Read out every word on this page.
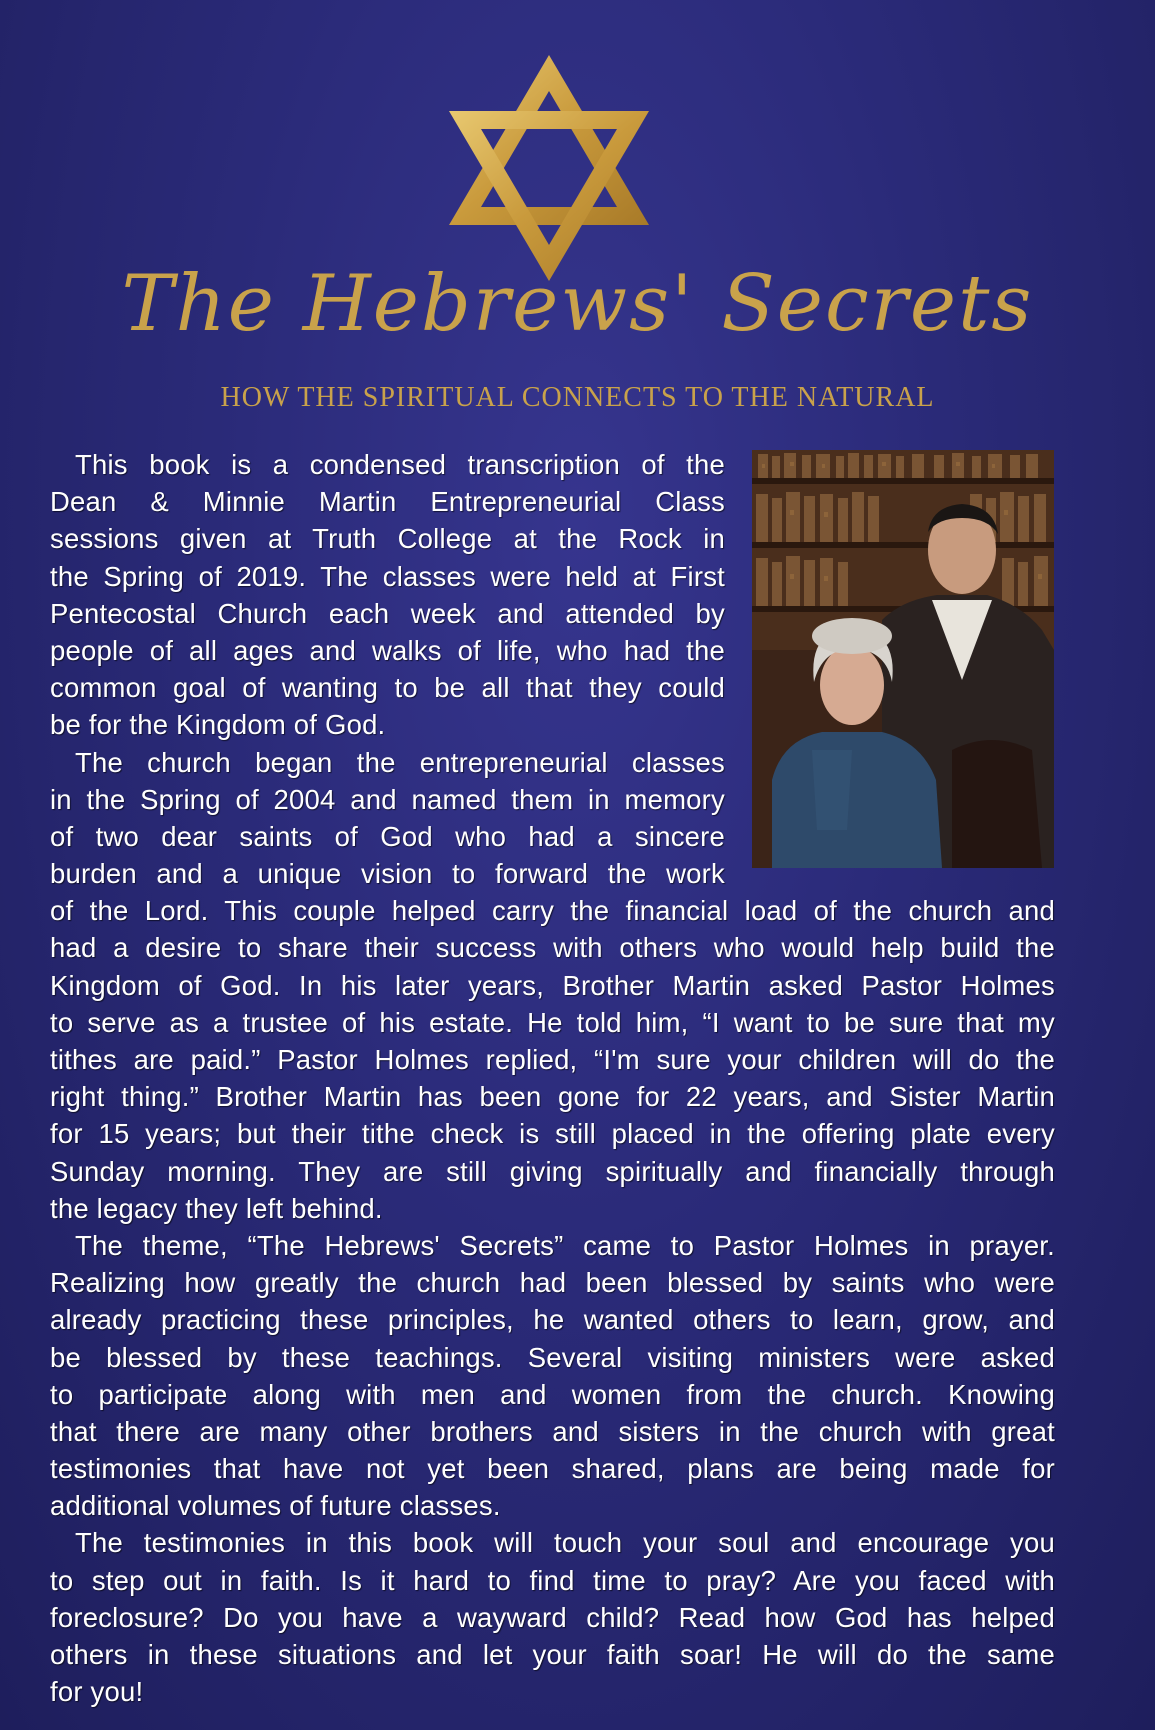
The Hebrews' Secrets
HOW THE SPIRITUAL CONNECTS TO THE NATURAL
This book is a condensed transcription of the
Dean & Minnie Martin Entrepreneurial Class
sessions given at Truth College at the Rock in
the Spring of 2019. The classes were held at First
Pentecostal Church each week and attended by
people of all ages and walks of life, who had the
common goal of wanting to be all that they could
be for the Kingdom of God.
The church began the entrepreneurial classes
in the Spring of 2004 and named them in memory
of two dear saints of God who had a sincere
burden and a unique vision to forward the work
of the Lord. This couple helped carry the financial load of the church and
had a desire to share their success with others who would help build the
Kingdom of God. In his later years, Brother Martin asked Pastor Holmes
to serve as a trustee of his estate. He told him, “I want to be sure that my
tithes are paid.” Pastor Holmes replied, “I'm sure your children will do the
right thing.” Brother Martin has been gone for 22 years, and Sister Martin
for 15 years; but their tithe check is still placed in the offering plate every
Sunday morning. They are still giving spiritually and financially through
the legacy they left behind.
The theme, “The Hebrews' Secrets” came to Pastor Holmes in prayer.
Realizing how greatly the church had been blessed by saints who were
already practicing these principles, he wanted others to learn, grow, and
be blessed by these teachings. Several visiting ministers were asked
to participate along with men and women from the church. Knowing
that there are many other brothers and sisters in the church with great
testimonies that have not yet been shared, plans are being made for
additional volumes of future classes.
The testimonies in this book will touch your soul and encourage you
to step out in faith. Is it hard to find time to pray? Are you faced with
foreclosure? Do you have a wayward child? Read how God has helped
others in these situations and let your faith soar! He will do the same
for you!
